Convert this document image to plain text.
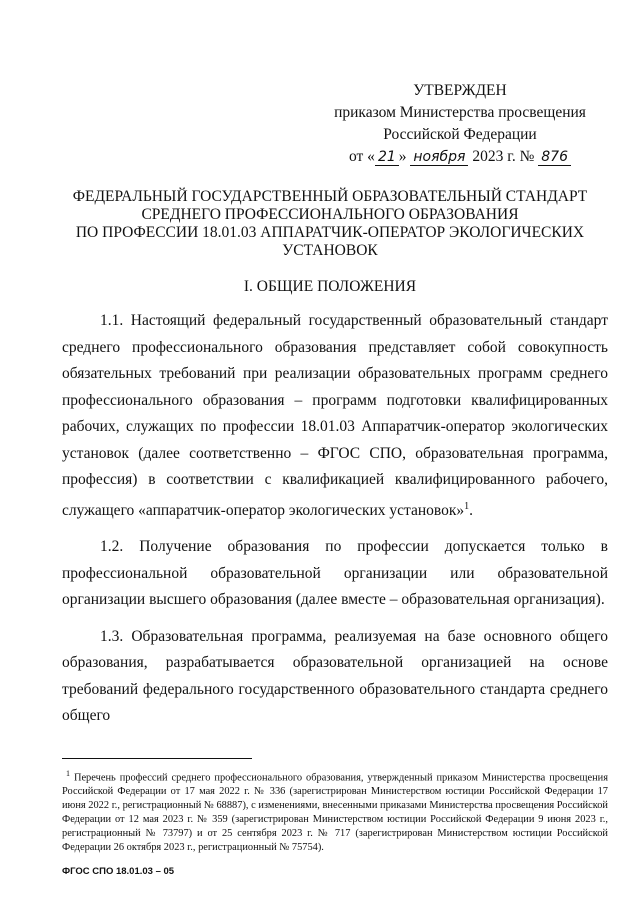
УТВЕРЖДЕН
приказом Министерства просвещения
Российской Федерации
от « 21 » ноября 2023 г. № 876
ФЕДЕРАЛЬНЫЙ ГОСУДАРСТВЕННЫЙ ОБРАЗОВАТЕЛЬНЫЙ СТАНДАРТ
СРЕДНЕГО ПРОФЕССИОНАЛЬНОГО ОБРАЗОВАНИЯ
ПО ПРОФЕССИИ 18.01.03 АППАРАТЧИК-ОПЕРАТОР ЭКОЛОГИЧЕСКИХ
УСТАНОВОК
I. ОБЩИЕ ПОЛОЖЕНИЯ

1.1. Настоящий федеральный государственный образовательный стандарт среднего профессионального образования представляет собой совокупность обязательных требований при реализации образовательных программ среднего профессионального образования – программ подготовки квалифицированных рабочих, служащих по профессии 18.01.03 Аппаратчик-оператор экологических установок (далее соответственно – ФГОС СПО, образовательная программа, профессия) в соответствии с квалификацией квалифицированного рабочего, служащего «аппаратчик-оператор экологических установок»$^1$.

1.2. Получение образования по профессии допускается только в профессиональной образовательной организации или образовательной организации высшего образования (далее вместе – образовательная организация).

1.3. Образовательная программа, реализуемая на базе основного общего образования, разрабатывается образовательной организацией на основе требований федерального государственного образовательного стандарта среднего общего

$^1$ Перечень профессий среднего профессионального образования, утвержденный приказом Министерства просвещения Российской Федерации от 17 мая 2022 г. № 336 (зарегистрирован Министерством юстиции Российской Федерации 17 июня 2022 г., регистрационный № 68887), с изменениями, внесенными приказами Министерства просвещения Российской Федерации от 12 мая 2023 г. № 359 (зарегистрирован Министерством юстиции Российской Федерации 9 июня 2023 г., регистрационный № 73797) и от 25 сентября 2023 г. № 717 (зарегистрирован Министерством юстиции Российской Федерации 26 октября 2023 г., регистрационный № 75754).
ФГОС СПО 18.01.03 – 05
